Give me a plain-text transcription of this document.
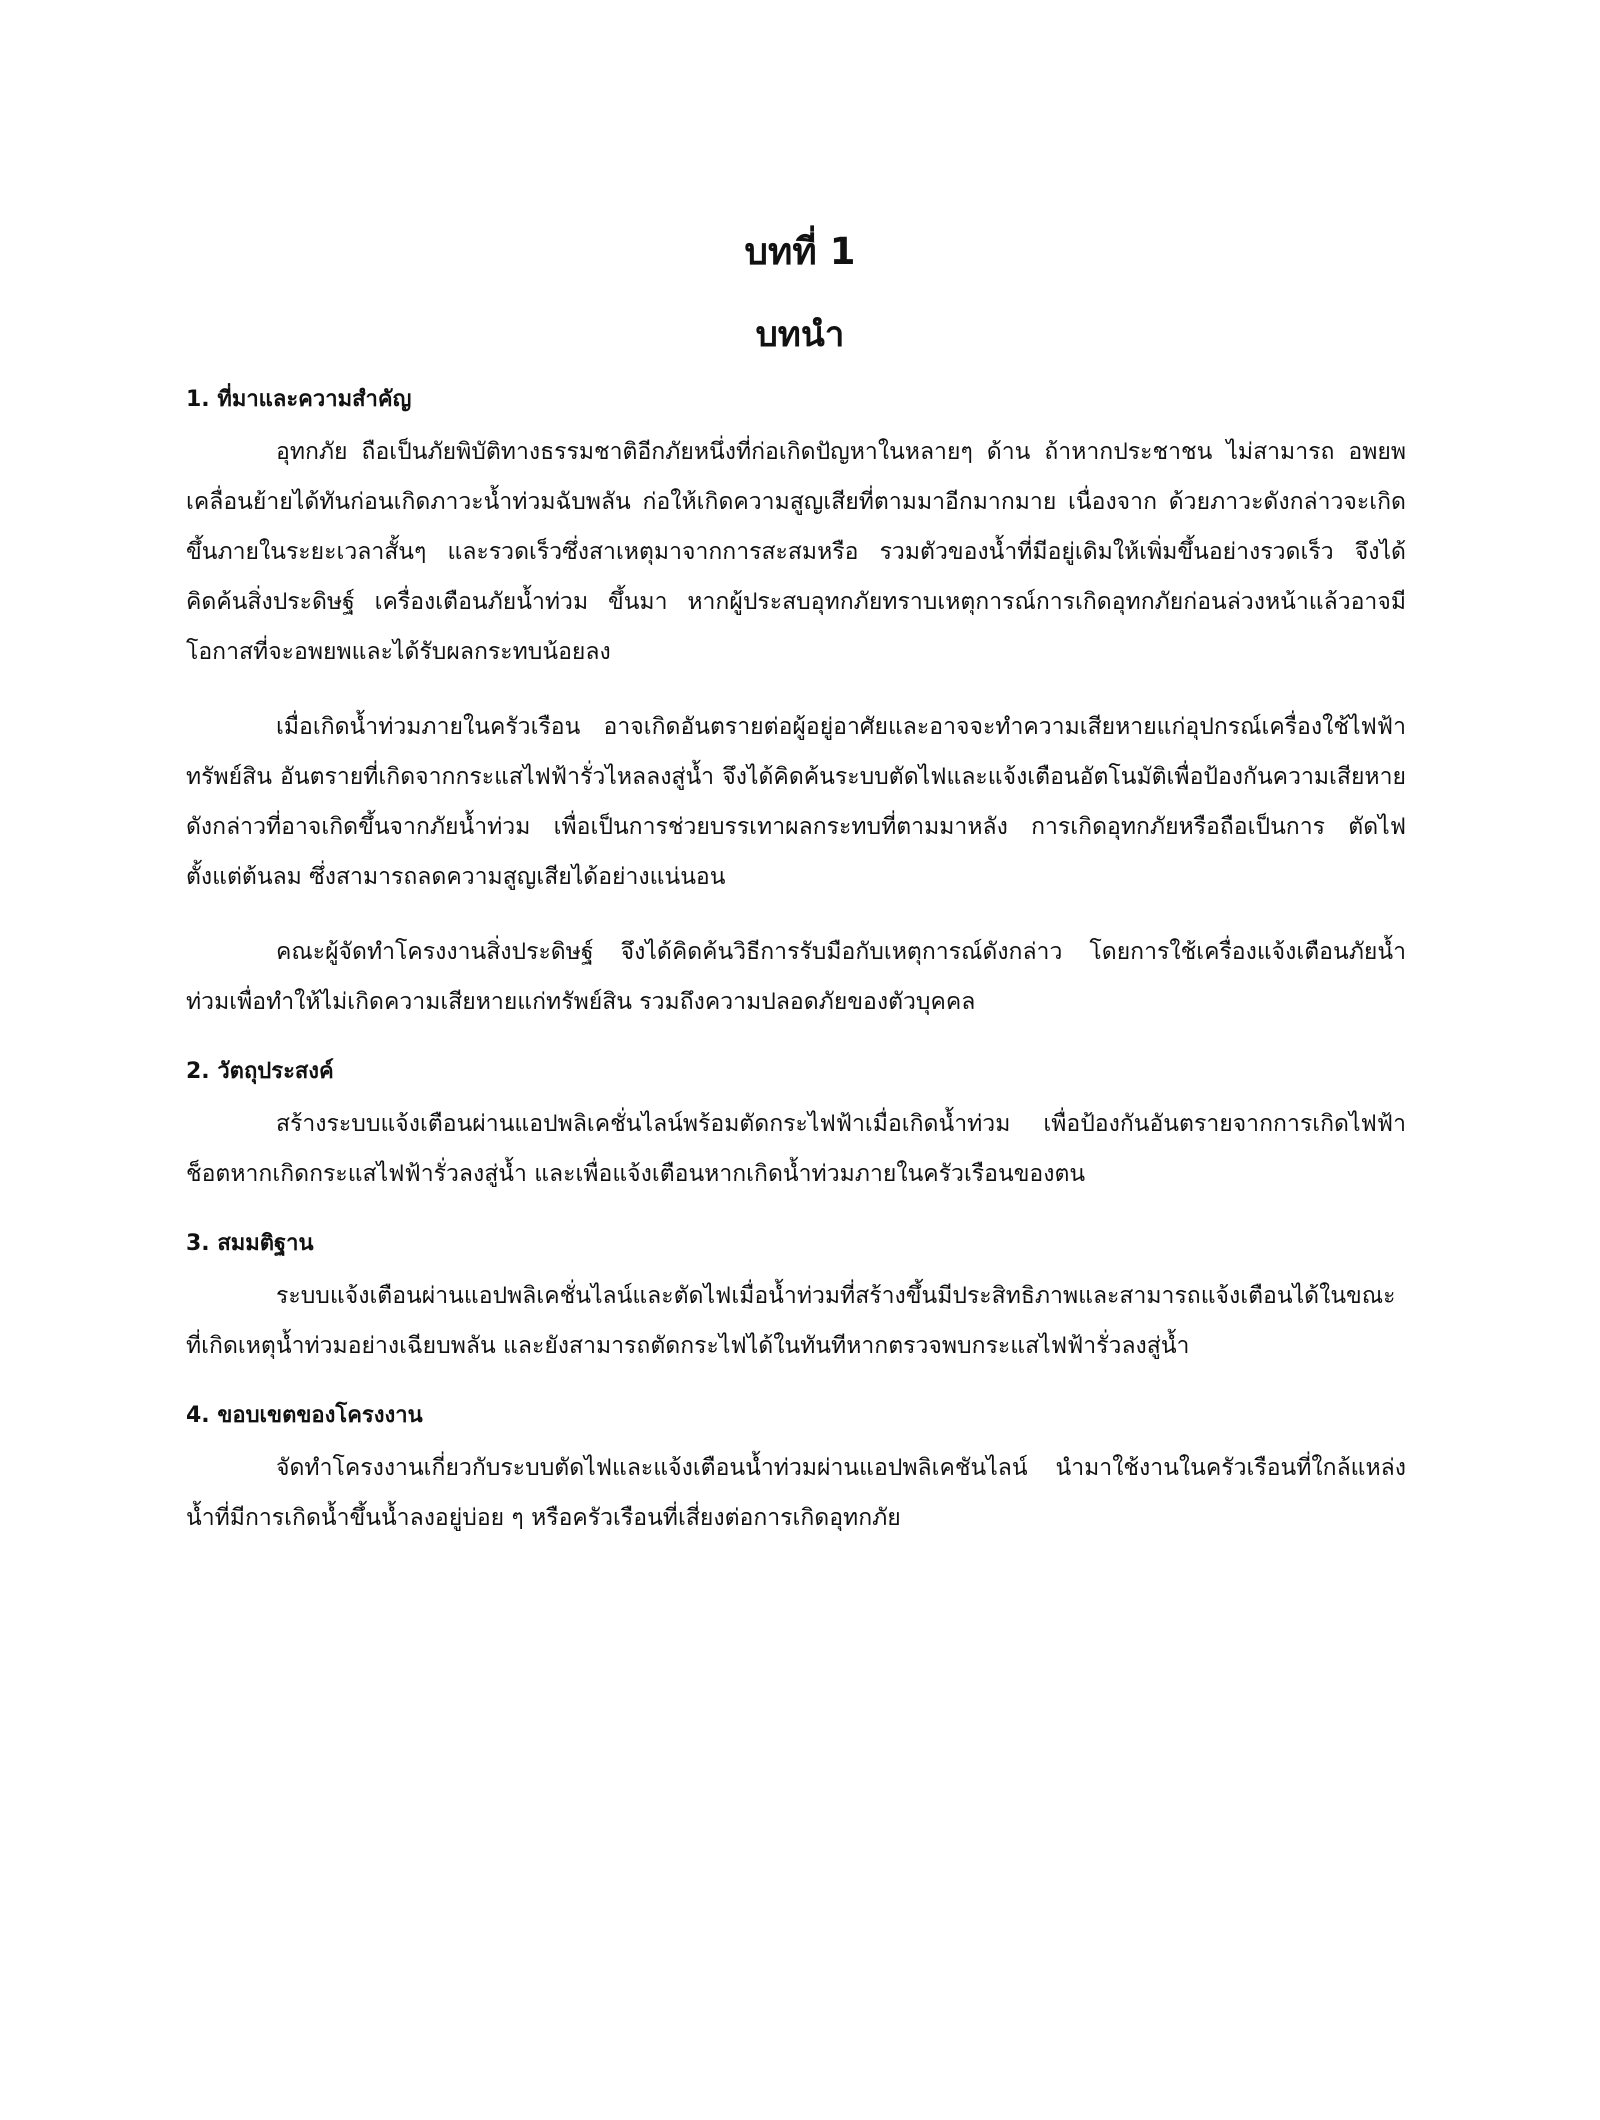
บทที่ 1
บทนำ
1. ที่มาและความสำคัญ

อุทกภัย ถือเป็นภัยพิบัติทางธรรมชาติอีกภัยหนึ่งที่ก่อเกิดปัญหาในหลายๆ ด้าน ถ้าหากประชาชน ไม่สามารถ อพยพเคลื่อนย้ายได้ทันก่อนเกิดภาวะน้ำท่วมฉับพลัน ก่อให้เกิดความสูญเสียที่ตามมาอีกมากมาย เนื่องจาก ด้วยภาวะดังกล่าวจะเกิดขึ้นภายในระยะเวลาสั้นๆ และรวดเร็วซึ่งสาเหตุมาจากการสะสมหรือ รวมตัวของน้ำที่มีอยู่เดิมให้เพิ่มขึ้นอย่างรวดเร็ว จึงได้คิดค้นสิ่งประดิษฐ์ เครื่องเตือนภัยน้ำท่วม ขึ้นมา หากผู้ประสบอุทกภัยทราบเหตุการณ์การเกิดอุทกภัยก่อนล่วงหน้าแล้วอาจมีโอกาสที่จะอพยพและได้รับผลกระทบน้อยลง

เมื่อเกิดน้ำท่วมภายในครัวเรือน อาจเกิดอันตรายต่อผู้อยู่อาศัยและอาจจะทำความเสียหายแก่อุปกรณ์เครื่องใช้ไฟฟ้า ทรัพย์สิน อันตรายที่เกิดจากกระแสไฟฟ้ารั่วไหลลงสู่น้ำ จึงได้คิดค้นระบบตัดไฟและแจ้งเตือนอัตโนมัติเพื่อป้องกันความเสียหายดังกล่าวที่อาจเกิดขึ้นจากภัยน้ำท่วม เพื่อเป็นการช่วยบรรเทาผลกระทบที่ตามมาหลัง การเกิดอุทกภัยหรือถือเป็นการ ตัดไฟตั้งแต่ต้นลม ซึ่งสามารถลดความสูญเสียได้อย่างแน่นอน

คณะผู้จัดทำโครงงานสิ่งประดิษฐ์ จึงได้คิดค้นวิธีการรับมือกับเหตุการณ์ดังกล่าว โดยการใช้เครื่องแจ้งเตือนภัยน้ำท่วมเพื่อทำให้ไม่เกิดความเสียหายแก่ทรัพย์สิน รวมถึงความปลอดภัยของตัวบุคคล

2. วัตถุประสงค์

สร้างระบบแจ้งเตือนผ่านแอปพลิเคชั่นไลน์พร้อมตัดกระไฟฟ้าเมื่อเกิดน้ำท่วม เพื่อป้องกันอันตรายจากการเกิดไฟฟ้าช็อตหากเกิดกระแสไฟฟ้ารั่วลงสู่น้ำ และเพื่อแจ้งเตือนหากเกิดน้ำท่วมภายในครัวเรือนของตน

3. สมมติฐาน

ระบบแจ้งเตือนผ่านแอปพลิเคชั่นไลน์และตัดไฟเมื่อน้ำท่วมที่สร้างขึ้นมีประสิทธิภาพและสามารถแจ้งเตือนได้ในขณะที่เกิดเหตุน้ำท่วมอย่างเฉียบพลัน และยังสามารถตัดกระไฟได้ในทันทีหากตรวจพบกระแสไฟฟ้ารั่วลงสู่น้ำ

4. ขอบเขตของโครงงาน

จัดทำโครงงานเกี่ยวกับระบบตัดไฟและแจ้งเตือนน้ำท่วมผ่านแอปพลิเคชันไลน์ นำมาใช้งานในครัวเรือนที่ใกล้แหล่งน้ำที่มีการเกิดน้ำขึ้นน้ำลงอยู่บ่อย ๆ หรือครัวเรือนที่เสี่ยงต่อการเกิดอุทกภัย
